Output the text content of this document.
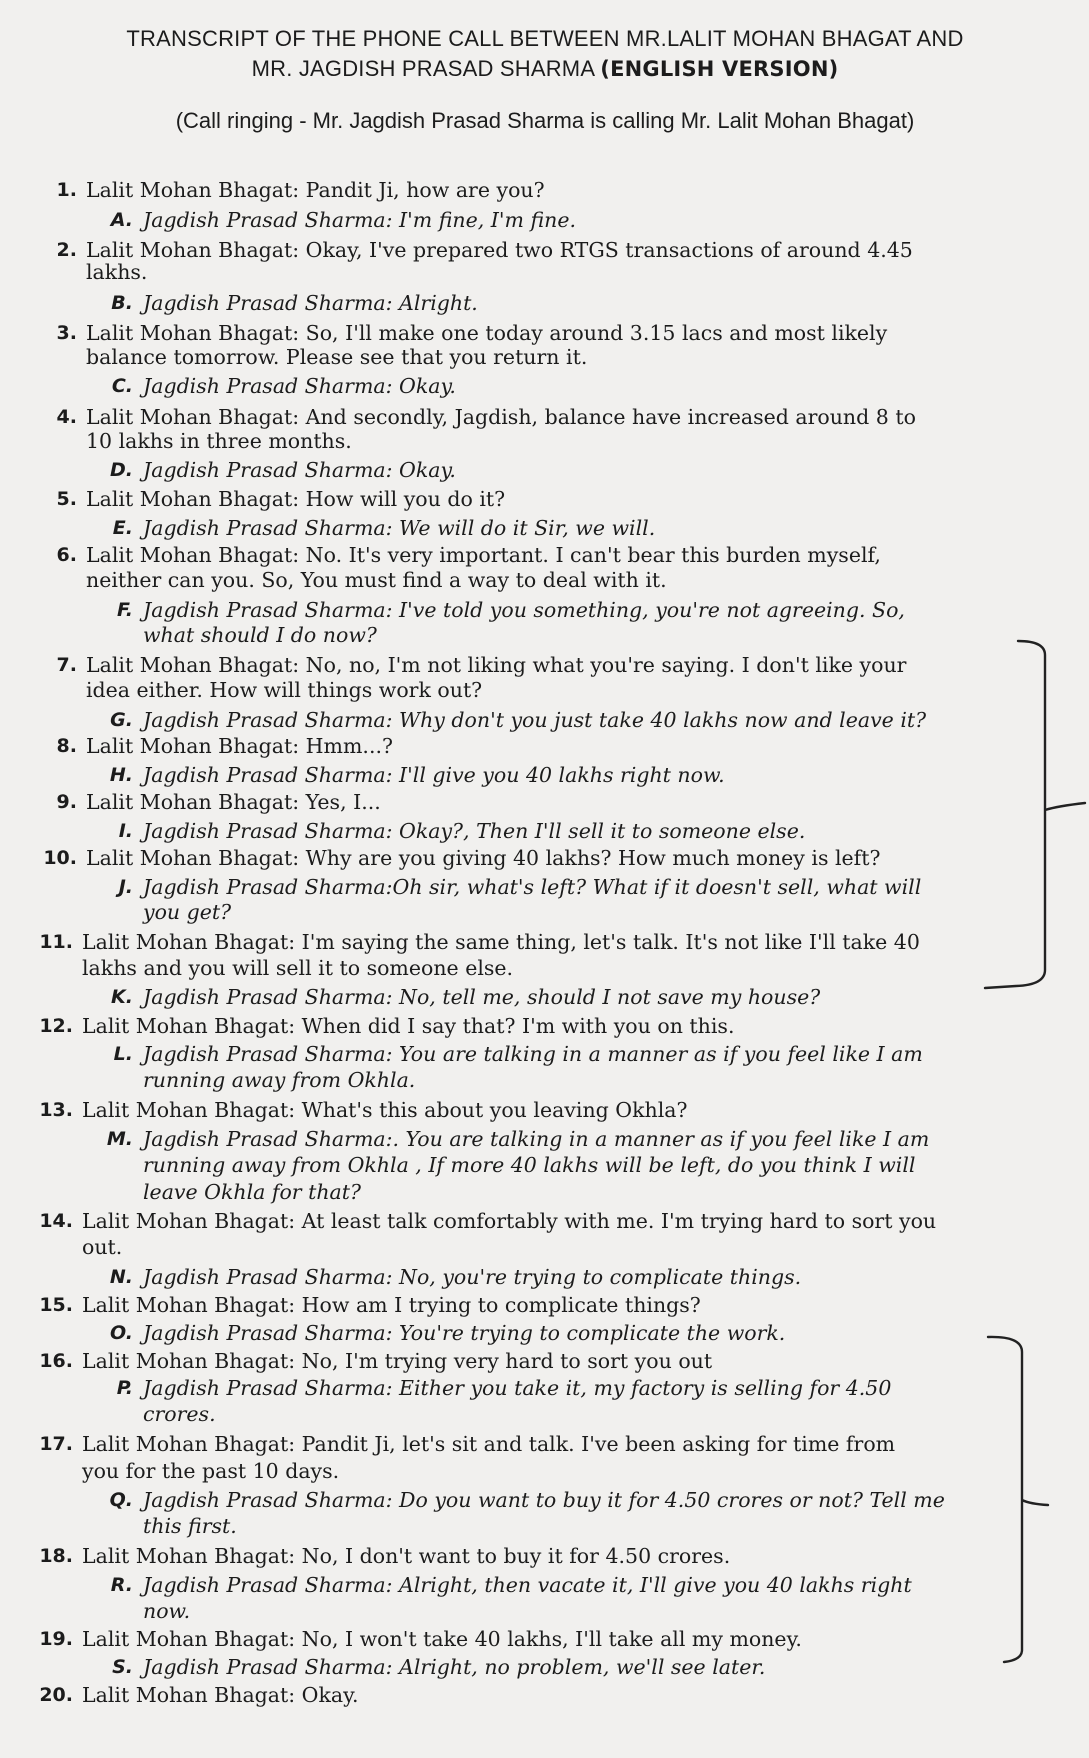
TRANSCRIPT OF THE PHONE CALL BETWEEN MR.LALIT MOHAN BHAGAT AND
MR. JAGDISH PRASAD SHARMA (ENGLISH VERSION)
(Call ringing - Mr. Jagdish Prasad Sharma is calling Mr. Lalit Mohan Bhagat)
1. Lalit Mohan Bhagat: Pandit Ji, how are you?
A. Jagdish Prasad Sharma: I'm fine, I'm fine.
2. Lalit Mohan Bhagat: Okay, I've prepared two RTGS transactions of around 4.45
lakhs.
B. Jagdish Prasad Sharma: Alright.
3. Lalit Mohan Bhagat: So, I'll make one today around 3.15 lacs and most likely
balance tomorrow. Please see that you return it.
C. Jagdish Prasad Sharma: Okay.
4. Lalit Mohan Bhagat: And secondly, Jagdish, balance have increased around 8 to
10 lakhs in three months.
D. Jagdish Prasad Sharma: Okay.
5. Lalit Mohan Bhagat: How will you do it?
E. Jagdish Prasad Sharma: We will do it Sir, we will.
6. Lalit Mohan Bhagat: No. It's very important. I can't bear this burden myself,
neither can you. So, You must find a way to deal with it.
F. Jagdish Prasad Sharma: I've told you something, you're not agreeing. So,
what should I do now?
7. Lalit Mohan Bhagat: No, no, I'm not liking what you're saying. I don't like your
idea either. How will things work out?
G. Jagdish Prasad Sharma: Why don't you just take 40 lakhs now and leave it?
8. Lalit Mohan Bhagat: Hmm...?
H. Jagdish Prasad Sharma: I'll give you 40 lakhs right now.
9. Lalit Mohan Bhagat: Yes, I...
I. Jagdish Prasad Sharma: Okay?, Then I'll sell it to someone else.
10. Lalit Mohan Bhagat: Why are you giving 40 lakhs? How much money is left?
J. Jagdish Prasad Sharma:Oh sir, what's left? What if it doesn't sell, what will
you get?
11. Lalit Mohan Bhagat: I'm saying the same thing, let's talk. It's not like I'll take 40
lakhs and you will sell it to someone else.
K. Jagdish Prasad Sharma: No, tell me, should I not save my house?
12. Lalit Mohan Bhagat: When did I say that? I'm with you on this.
L. Jagdish Prasad Sharma: You are talking in a manner as if you feel like I am
running away from Okhla.
13. Lalit Mohan Bhagat: What's this about you leaving Okhla?
M. Jagdish Prasad Sharma:. You are talking in a manner as if you feel like I am
running away from Okhla , If more 40 lakhs will be left, do you think I will
leave Okhla for that?
14. Lalit Mohan Bhagat: At least talk comfortably with me. I'm trying hard to sort you
out.
N. Jagdish Prasad Sharma: No, you're trying to complicate things.
15. Lalit Mohan Bhagat: How am I trying to complicate things?
O. Jagdish Prasad Sharma: You're trying to complicate the work.
16. Lalit Mohan Bhagat: No, I'm trying very hard to sort you out
P. Jagdish Prasad Sharma: Either you take it, my factory is selling for 4.50
crores.
17. Lalit Mohan Bhagat: Pandit Ji, let's sit and talk. I've been asking for time from
you for the past 10 days.
Q. Jagdish Prasad Sharma: Do you want to buy it for 4.50 crores or not? Tell me
this first.
18. Lalit Mohan Bhagat: No, I don't want to buy it for 4.50 crores.
R. Jagdish Prasad Sharma: Alright, then vacate it, I'll give you 40 lakhs right
now.
19. Lalit Mohan Bhagat: No, I won't take 40 lakhs, I'll take all my money.
S. Jagdish Prasad Sharma: Alright, no problem, we'll see later.
20. Lalit Mohan Bhagat: Okay.
